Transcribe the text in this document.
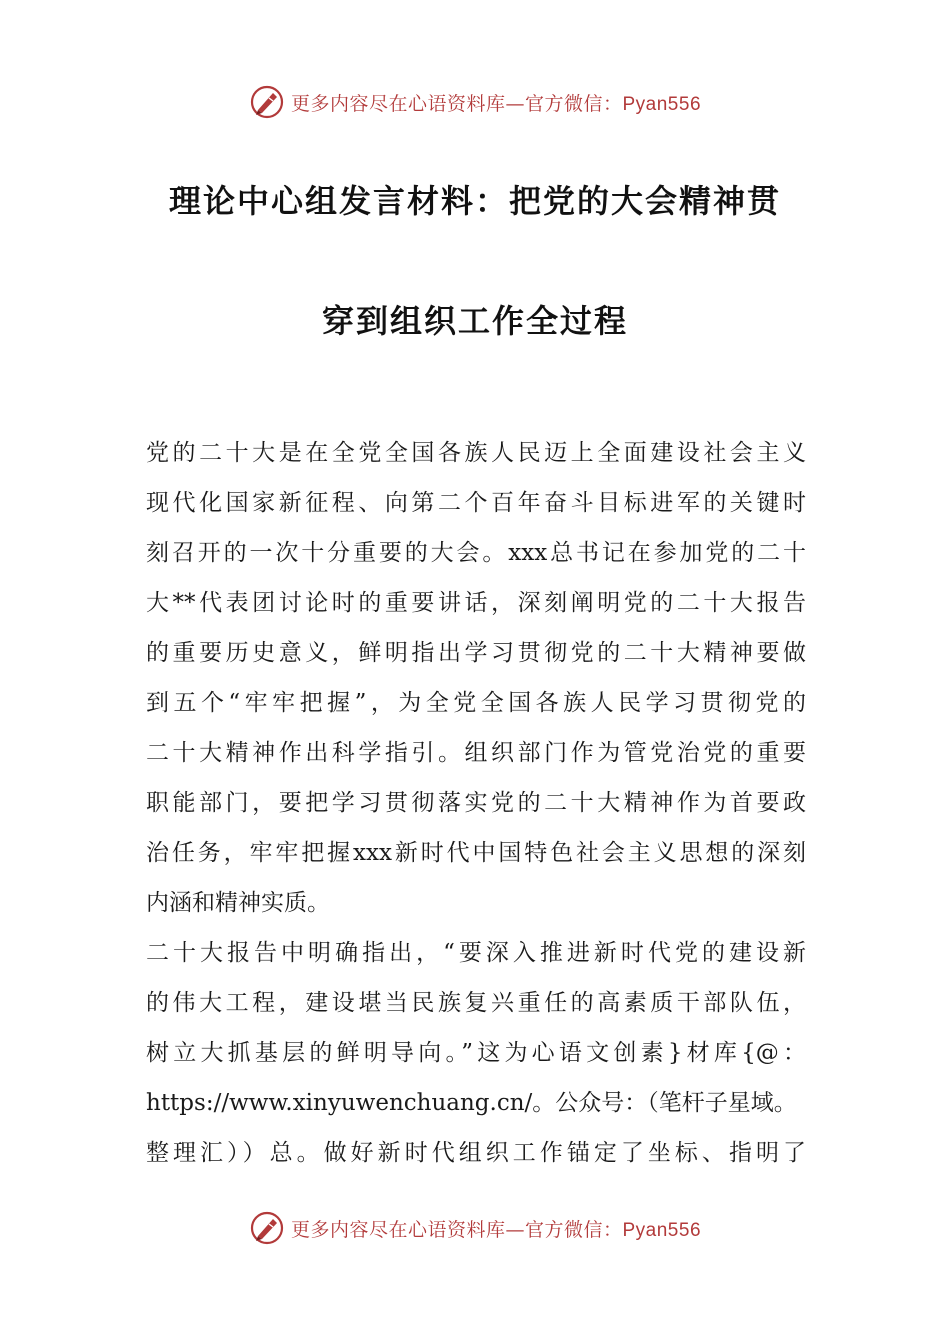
更多内容尽在心语资料库—官方微信：Pyan556
理论中心组发言材料：把党的大会精神贯
穿到组织工作全过程
党的二十大是在全党全国各族人民迈上全面建设社会主义
现代化国家新征程、向第二个百年奋斗目标进军的关键时
刻召开的一次十分重要的大会。xxx总书记在参加党的二十
大**代表团讨论时的重要讲话，深刻阐明党的二十大报告
的重要历史意义，鲜明指出学习贯彻党的二十大精神要做
到五个“牢牢把握”，为全党全国各族人民学习贯彻党的
二十大精神作出科学指引。组织部门作为管党治党的重要
职能部门，要把学习贯彻落实党的二十大精神作为首要政
治任务，牢牢把握xxx新时代中国特色社会主义思想的深刻
内涵和精神实质。
二十大报告中明确指出，“要深入推进新时代党的建设新
的伟大工程，建设堪当民族复兴重任的高素质干部队伍，
树立大抓基层的鲜明导向。”这为心语文创素}材库{@：
https://www.xinyuwenchuang.cn/。公众号：（笔杆子星域。
整理汇））总。做好新时代组织工作锚定了坐标、指明了
更多内容尽在心语资料库—官方微信：Pyan556
